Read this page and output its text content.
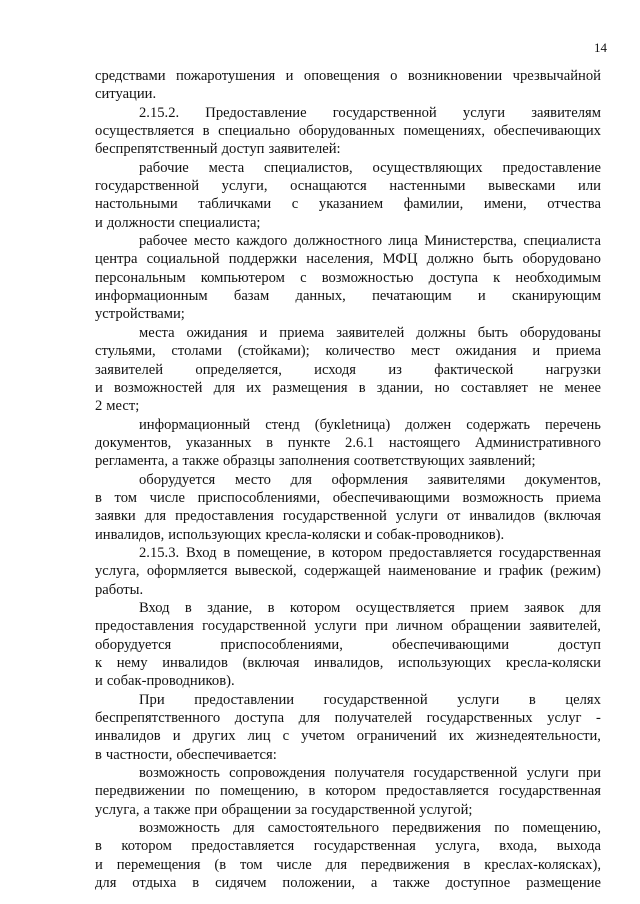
14
средствами пожаротушения и оповещения о возникновении чрезвычайной
ситуации.
2.15.2. Предоставление государственной услуги заявителям
осуществляется в специально оборудованных помещениях, обеспечивающих
беспрепятственный доступ заявителей:
рабочие места специалистов, осуществляющих предоставление
государственной услуги, оснащаются настенными вывесками или
настольными табличками с указанием фамилии, имени, отчества
и должности специалиста;
рабочее место каждого должностного лица Министерства, специалиста
центра социальной поддержки населения, МФЦ должно быть оборудовано
персональным компьютером с возможностью доступа к необходимым
информационным базам данных, печатающим и сканирующим
устройствами;
места ожидания и приема заявителей должны быть оборудованы
стульями, столами (стойками); количество мест ожидания и приема
заявителей определяется, исходя из фактической нагрузки
и возможностей для их размещения в здании, но составляет не менее
2 мест;
информационный стенд (букletница) должен содержать перечень
документов, указанных в пункте 2.6.1 настоящего Административного
регламента, а также образцы заполнения соответствующих заявлений;
оборудуется место для оформления заявителями документов,
в том числе приспособлениями, обеспечивающими возможность приема
заявки для предоставления государственной услуги от инвалидов (включая
инвалидов, использующих кресла-коляски и собак-проводников).
2.15.3. Вход в помещение, в котором предоставляется государственная
услуга, оформляется вывеской, содержащей наименование и график (режим)
работы.
Вход в здание, в котором осуществляется прием заявок для
предоставления государственной услуги при личном обращении заявителей,
оборудуется	приспособлениями,	обеспечивающими	доступ
к нему инвалидов (включая инвалидов, использующих кресла-коляски
и собак-проводников).
При предоставлении государственной услуги в целях
беспрепятственного доступа для получателей государственных услуг -
инвалидов и других лиц с учетом ограничений их жизнедеятельности,
в частности, обеспечивается:
возможность сопровождения получателя государственной услуги при
передвижении по помещению, в котором предоставляется государственная
услуга, а также при обращении за государственной услугой;
возможность для самостоятельного передвижения по помещению,
в котором предоставляется государственная услуга, входа, выхода
и перемещения (в том числе для передвижения в креслах-колясках),
для отдыха в сидячем положении, а также доступное размещение
